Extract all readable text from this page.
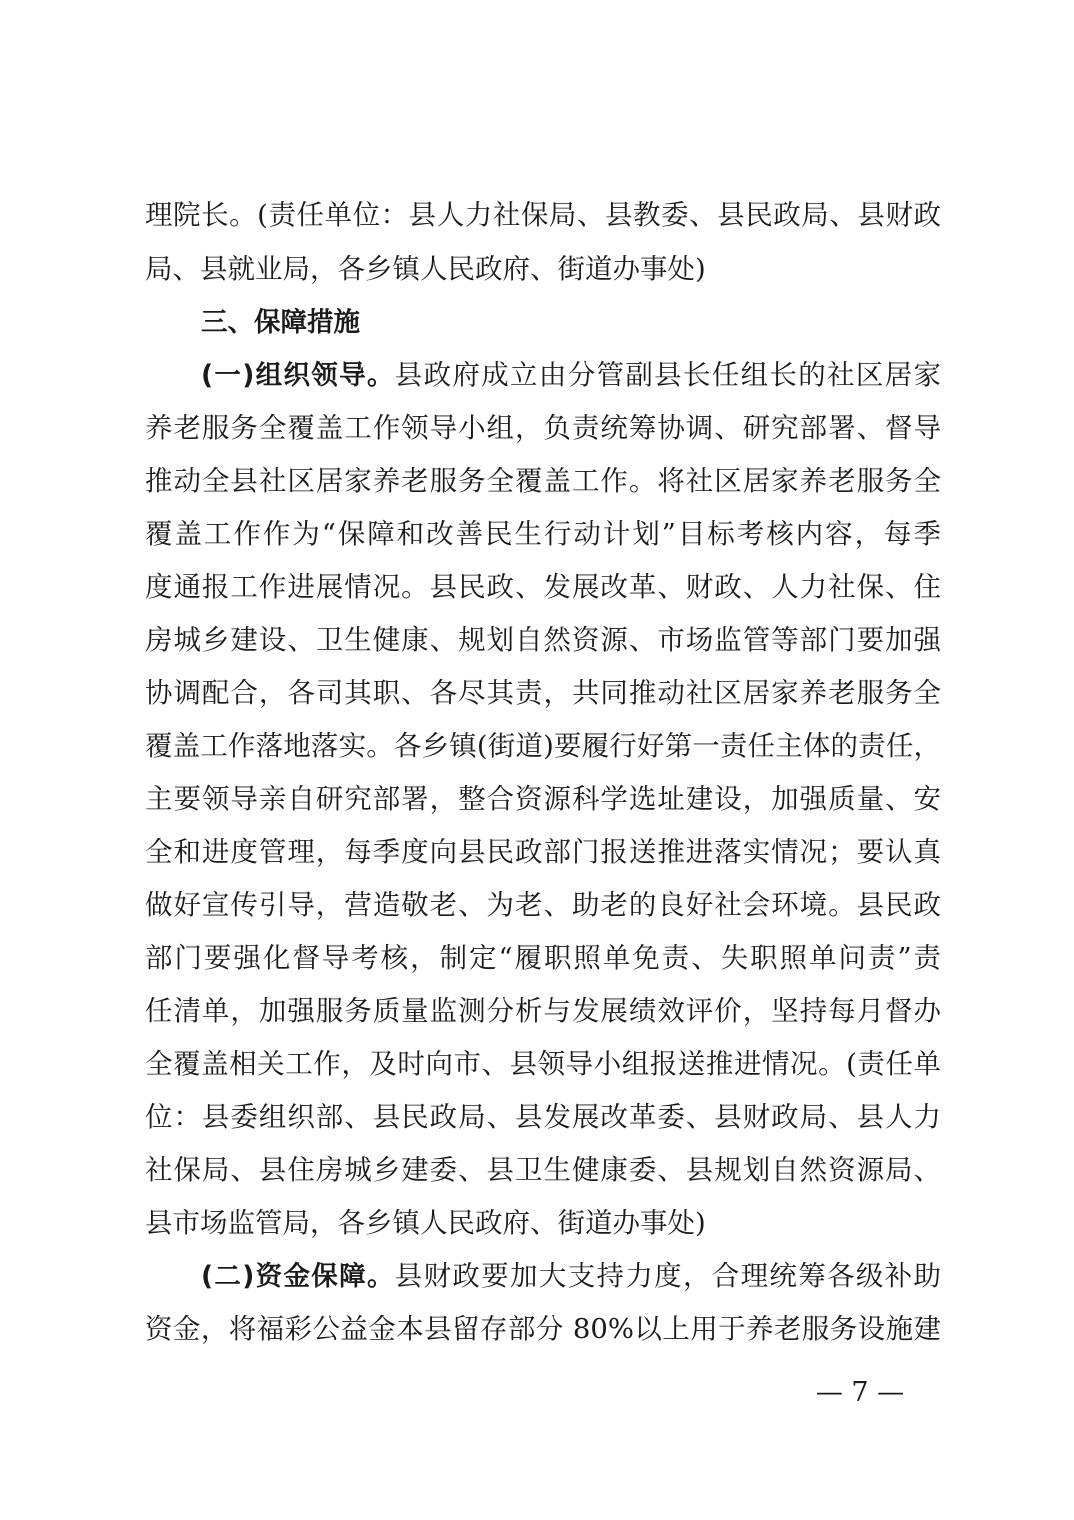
理院长。(责任单位：县人力社保局、县教委、县民政局、县财政
局、县就业局，各乡镇人民政府、街道办事处)
三、保障措施
(一)组织领导。县政府成立由分管副县长任组长的社区居家
养老服务全覆盖工作领导小组，负责统筹协调、研究部署、督导
推动全县社区居家养老服务全覆盖工作。将社区居家养老服务全
覆盖工作作为“保障和改善民生行动计划”目标考核内容，每季
度通报工作进展情况。县民政、发展改革、财政、人力社保、住
房城乡建设、卫生健康、规划自然资源、市场监管等部门要加强
协调配合，各司其职、各尽其责，共同推动社区居家养老服务全
覆盖工作落地落实。各乡镇(街道)要履行好第一责任主体的责任，
主要领导亲自研究部署，整合资源科学选址建设，加强质量、安
全和进度管理，每季度向县民政部门报送推进落实情况；要认真
做好宣传引导，营造敬老、为老、助老的良好社会环境。县民政
部门要强化督导考核，制定“履职照单免责、失职照单问责”责
任清单，加强服务质量监测分析与发展绩效评价，坚持每月督办
全覆盖相关工作，及时向市、县领导小组报送推进情况。(责任单
位：县委组织部、县民政局、县发展改革委、县财政局、县人力
社保局、县住房城乡建委、县卫生健康委、县规划自然资源局、
县市场监管局，各乡镇人民政府、街道办事处)
(二)资金保障。县财政要加大支持力度，合理统筹各级补助
资金，将福彩公益金本县留存部分 80%以上用于养老服务设施建
— 7 —
